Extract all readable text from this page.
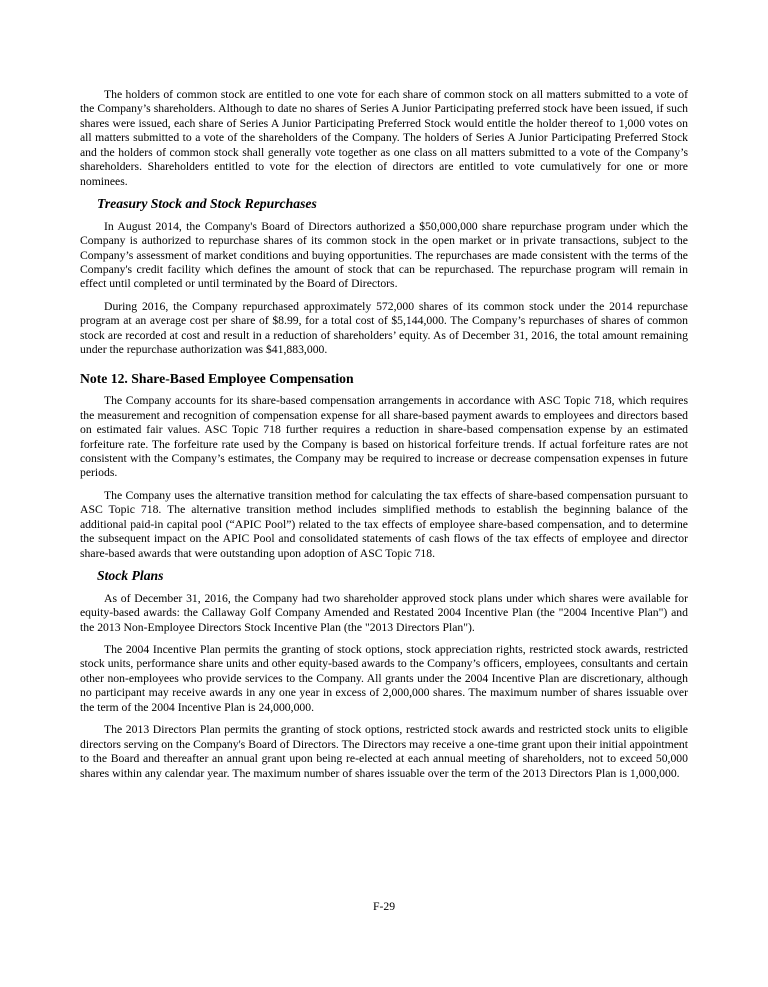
The holders of common stock are entitled to one vote for each share of common stock on all matters submitted to a vote of the Company’s shareholders. Although to date no shares of Series A Junior Participating preferred stock have been issued, if such shares were issued, each share of Series A Junior Participating Preferred Stock would entitle the holder thereof to 1,000 votes on all matters submitted to a vote of the shareholders of the Company. The holders of Series A Junior Participating Preferred Stock and the holders of common stock shall generally vote together as one class on all matters submitted to a vote of the Company’s shareholders. Shareholders entitled to vote for the election of directors are entitled to vote cumulatively for one or more nominees.

Treasury Stock and Stock Repurchases

In August 2014, the Company's Board of Directors authorized a $50,000,000 share repurchase program under which the Company is authorized to repurchase shares of its common stock in the open market or in private transactions, subject to the Company’s assessment of market conditions and buying opportunities. The repurchases are made consistent with the terms of the Company's credit facility which defines the amount of stock that can be repurchased. The repurchase program will remain in effect until completed or until terminated by the Board of Directors.

During 2016, the Company repurchased approximately 572,000 shares of its common stock under the 2014 repurchase program at an average cost per share of $8.99, for a total cost of $5,144,000. The Company’s repurchases of shares of common stock are recorded at cost and result in a reduction of shareholders’ equity. As of December 31, 2016, the total amount remaining under the repurchase authorization was $41,883,000.

Note 12. Share-Based Employee Compensation

The Company accounts for its share-based compensation arrangements in accordance with ASC Topic 718, which requires the measurement and recognition of compensation expense for all share-based payment awards to employees and directors based on estimated fair values. ASC Topic 718 further requires a reduction in share-based compensation expense by an estimated forfeiture rate. The forfeiture rate used by the Company is based on historical forfeiture trends. If actual forfeiture rates are not consistent with the Company’s estimates, the Company may be required to increase or decrease compensation expenses in future periods.

The Company uses the alternative transition method for calculating the tax effects of share-based compensation pursuant to ASC Topic 718. The alternative transition method includes simplified methods to establish the beginning balance of the additional paid-in capital pool (“APIC Pool”) related to the tax effects of employee share-based compensation, and to determine the subsequent impact on the APIC Pool and consolidated statements of cash flows of the tax effects of employee and director share-based awards that were outstanding upon adoption of ASC Topic 718.

Stock Plans

As of December 31, 2016, the Company had two shareholder approved stock plans under which shares were available for equity-based awards: the Callaway Golf Company Amended and Restated 2004 Incentive Plan (the "2004 Incentive Plan") and the 2013 Non-Employee Directors Stock Incentive Plan (the "2013 Directors Plan").

The 2004 Incentive Plan permits the granting of stock options, stock appreciation rights, restricted stock awards, restricted stock units, performance share units and other equity-based awards to the Company’s officers, employees, consultants and certain other non-employees who provide services to the Company. All grants under the 2004 Incentive Plan are discretionary, although no participant may receive awards in any one year in excess of 2,000,000 shares. The maximum number of shares issuable over the term of the 2004 Incentive Plan is 24,000,000.

The 2013 Directors Plan permits the granting of stock options, restricted stock awards and restricted stock units to eligible directors serving on the Company's Board of Directors. The Directors may receive a one-time grant upon their initial appointment to the Board and thereafter an annual grant upon being re-elected at each annual meeting of shareholders, not to exceed 50,000 shares within any calendar year. The maximum number of shares issuable over the term of the 2013 Directors Plan is 1,000,000.

F-29
